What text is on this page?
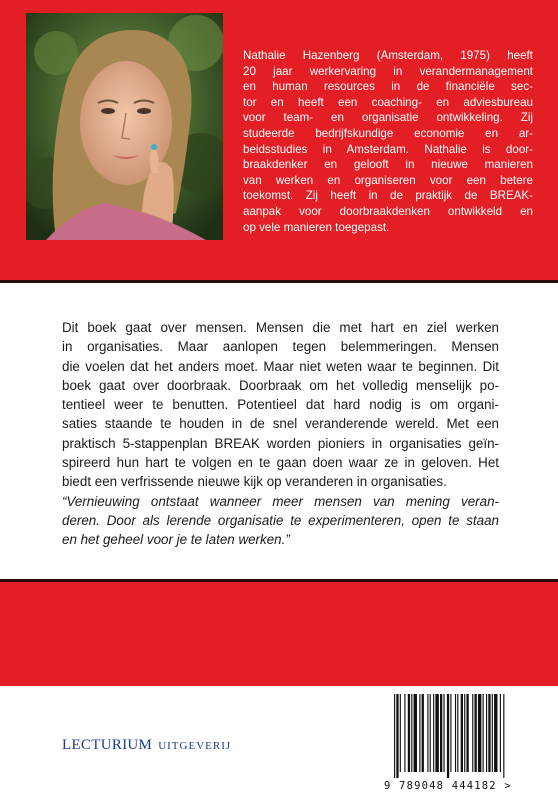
Nathalie Hazenberg (Amsterdam, 1975) heeft
20 jaar werkervaring in verandermanagement
en human resources in de financiële sec-
tor en heeft een coaching- en adviesbureau
voor team- en organisatie ontwikkeling. Zij
studeerde bedrijfskundige economie en ar-
beidsstudies in Amsterdam. Nathalie is door-
braakdenker en gelooft in nieuwe manieren
van werken en organiseren voor een betere
toekomst. Zij heeft in de praktijk de BREAK-
aanpak voor doorbraakdenken ontwikkeld en
op vele manieren toegepast.
Dit boek gaat over mensen. Mensen die met hart en ziel werken
in organisaties. Maar aanlopen tegen belemmeringen. Mensen
die voelen dat het anders moet. Maar niet weten waar te beginnen. Dit
boek gaat over doorbraak. Doorbraak om het volledig menselijk po-
tentieel weer te benutten. Potentieel dat hard nodig is om organi-
saties staande te houden in de snel veranderende wereld. Met een
praktisch 5-stappenplan BREAK worden pioniers in organisaties geïn-
spireerd hun hart te volgen en te gaan doen waar ze in geloven. Het
biedt een verfrissende nieuwe kijk op veranderen in organisaties.
“Vernieuwing ontstaat wanneer meer mensen van mening veran-
deren. Door als lerende organisatie te experimenteren, open te staan
en het geheel voor je te laten werken.”
LECTURIUM UITGEVERIJ
9 789048 444182 >
